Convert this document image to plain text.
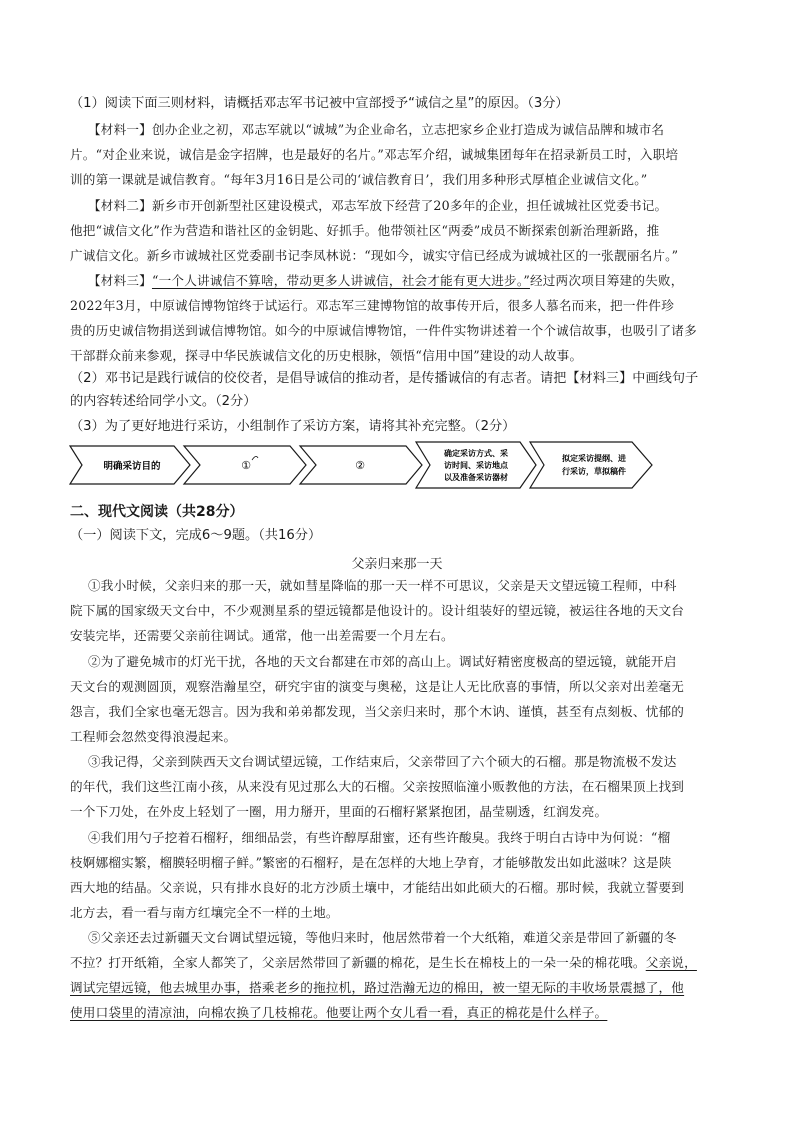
（1）阅读下面三则材料，请概括邓志军书记被中宣部授予“诚信之星”的原因。（3分）
【材料一】创办企业之初，邓志军就以“诚城”为企业命名，立志把家乡企业打造成为诚信品牌和城市名
片。“对企业来说，诚信是金字招牌，也是最好的名片。”邓志军介绍，诚城集团每年在招录新员工时，入职培
训的第一课就是诚信教育。“每年3月16日是公司的‘诚信教育日’，我们用多种形式厚植企业诚信文化。”
【材料二】新乡市开创新型社区建设模式，邓志军放下经营了20多年的企业，担任诚城社区党委书记。
他把“诚信文化”作为营造和谐社区的金钥匙、好抓手。他带领社区“两委”成员不断探索创新治理新路，推
广诚信文化。新乡市诚城社区党委副书记李凤林说：“现如今，诚实守信已经成为诚城社区的一张靓丽名片。”
【材料三】“一个人讲诚信不算啥，带动更多人讲诚信，社会才能有更大进步。”经过两次项目筹建的失败，
2022年3月，中原诚信博物馆终于试运行。邓志军三建博物馆的故事传开后，很多人慕名而来，把一件件珍
贵的历史诚信物捐送到诚信博物馆。如今的中原诚信博物馆，一件件实物讲述着一个个诚信故事，也吸引了诸多
干部群众前来参观，探寻中华民族诚信文化的历史根脉，领悟“信用中国”建设的动人故事。
（2）邓书记是践行诚信的佼佼者，是倡导诚信的推动者，是传播诚信的有志者。请把【材料三】中画线句子
的内容转述给同学小文。（2分）
（3）为了更好地进行采访，小组制作了采访方案，请将其补充完整。（2分）
明确采访目的	①	②
确定采访方式、采
访时间、采访地点
以及准备采访器材
拟定采访提纲、进
行采访，草拟稿件
二、现代文阅读（共28分）
（一）阅读下文，完成6～9题。（共16分）
父亲归来那一天
①我小时候，父亲归来的那一天，就如彗星降临的那一天一样不可思议，父亲是天文望远镜工程师，中科
院下属的国家级天文台中，不少观测星系的望远镜都是他设计的。设计组装好的望远镜，被运往各地的天文台
安装完毕，还需要父亲前往调试。通常，他一出差需要一个月左右。
②为了避免城市的灯光干扰，各地的天文台都建在市郊的高山上。调试好精密度极高的望远镜，就能开启
天文台的观测圆顶，观察浩瀚星空，研究宇宙的演变与奥秘，这是让人无比欣喜的事情，所以父亲对出差毫无
怨言，我们全家也毫无怨言。因为我和弟弟都发现，当父亲归来时，那个木讷、谨慎，甚至有点刻板、忧郁的
工程师会忽然变得浪漫起来。
③我记得，父亲到陕西天文台调试望远镜，工作结束后，父亲带回了六个硕大的石榴。那是物流极不发达
的年代，我们这些江南小孩，从来没有见过那么大的石榴。父亲按照临潼小贩教他的方法，在石榴果顶上找到
一个下刀处，在外皮上轻划了一圈，用力掰开，里面的石榴籽紧紧抱团，晶莹剔透，红润发亮。
④我们用勺子挖着石榴籽，细细品尝，有些许醇厚甜蜜，还有些许酸臭。我终于明白古诗中为何说：“榴
枝婀娜榴实繁，榴膜轻明榴子鲜。”繁密的石榴籽，是在怎样的大地上孕育，才能够散发出如此滋味？这是陕
西大地的结晶。父亲说，只有排水良好的北方沙质土壤中，才能结出如此硕大的石榴。那时候，我就立誓要到
北方去，看一看与南方红壤完全不一样的土地。
⑤父亲还去过新疆天文台调试望远镜，等他归来时，他居然带着一个大纸箱，难道父亲是带回了新疆的冬
不拉？打开纸箱，全家人都笑了，父亲居然带回了新疆的棉花，是生长在棉枝上的一朵一朵的棉花哦。父亲说，
调试完望远镜，他去城里办事，搭乘老乡的拖拉机，路过浩瀚无边的棉田，被一望无际的丰收场景震撼了，他
使用口袋里的清凉油，向棉农换了几枝棉花。他要让两个女儿看一看，真正的棉花是什么样子。
